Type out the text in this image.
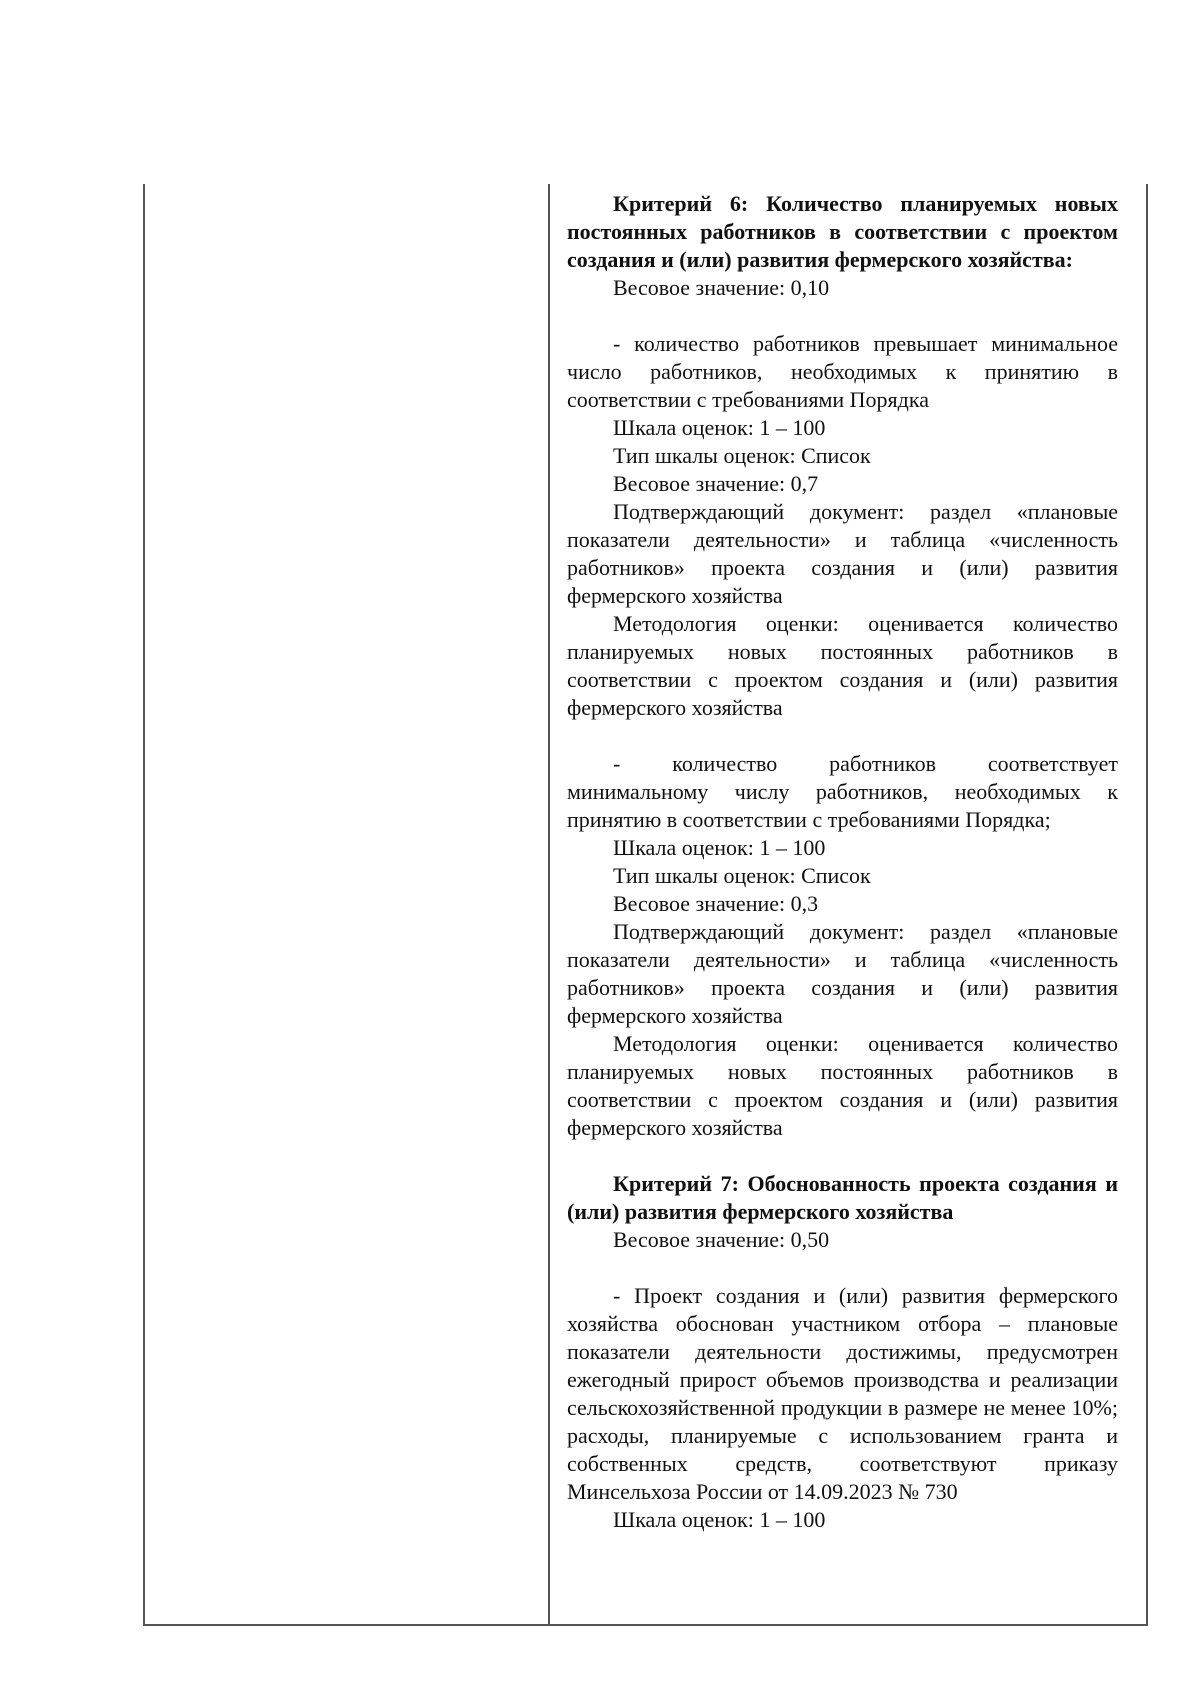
Критерий 6: Количество планируемых новых постоянных работников в соответствии с проектом создания и (или) развития фермерского хозяйства:

Весовое значение: 0,10

- количество работников превышает минимальное число работников, необходимых к принятию в соответствии с требованиями Порядка

Шкала оценок: 1 – 100

Тип шкалы оценок: Список

Весовое значение: 0,7

Подтверждающий документ: раздел «плановые показатели деятельности» и таблица «численность работников» проекта создания и (или) развития фермерского хозяйства

Методология оценки: оценивается количество планируемых новых постоянных работников в соответствии с проектом создания и (или) развития фермерского хозяйства

- количество работников соответствует минимальному числу работников, необходимых к принятию в соответствии с требованиями Порядка;

Шкала оценок: 1 – 100

Тип шкалы оценок: Список

Весовое значение: 0,3

Подтверждающий документ: раздел «плановые показатели деятельности» и таблица «численность работников» проекта создания и (или) развития фермерского хозяйства

Методология оценки: оценивается количество планируемых новых постоянных работников в соответствии с проектом создания и (или) развития фермерского хозяйства

Критерий 7: Обоснованность проекта создания и (или) развития фермерского хозяйства

Весовое значение: 0,50

- Проект создания и (или) развития фермерского хозяйства обоснован участником отбора – плановые показатели деятельности достижимы, предусмотрен ежегодный прирост объемов производства и реализации сельскохозяйственной продукции в размере не менее 10%; расходы, планируемые с использованием гранта и собственных средств, соответствуют приказу Минсельхоза России от 14.09.2023 № 730

Шкала оценок: 1 – 100
